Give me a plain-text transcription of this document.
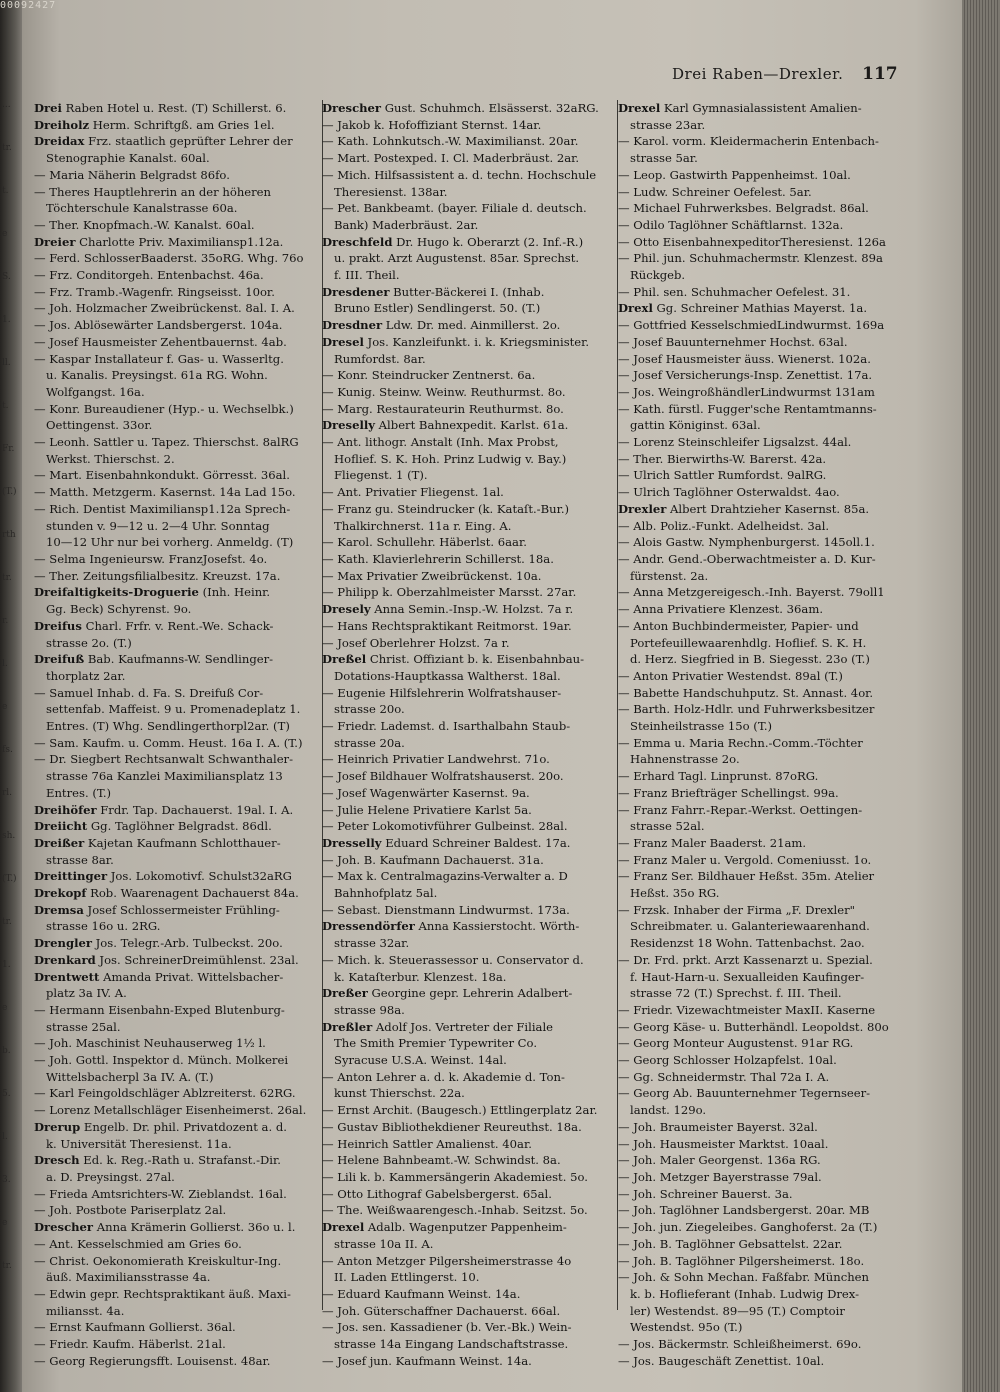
Drei Raben—Drexler. 117
Drei Raben Hotel u. Rest. (T) Schillerst. 6.
Dreiholz Herm. Schriftgß. am Gries 1el.
Dreidax Frz. staatlich geprüfter Lehrer der
Stenographie Kanalst. 60al.
— Maria Näherin Belgradst 86fo.
— Theres Hauptlehrerin an der höheren
Töchterschule Kanalstrasse 60a.
— Ther. Knopfmach.-W. Kanalst. 60al.
Dreier Charlotte Priv. Maximiliansp1.12a.
— Ferd. SchlosserBaaderst. 35oRG. Whg. 76o
— Frz. Conditorgeh. Entenbachst. 46a.
— Frz. Tramb.-Wagenfr. Ringseisst. 10or.
— Joh. Holzmacher Zweibrückenst. 8al. I. A.
— Jos. Ablösewärter Landsbergerst. 104a.
— Josef Hausmeister Zehentbauernst. 4ab.
— Kaspar Installateur f. Gas- u. Wasserltg.
u. Kanalis. Preysingst. 61a RG. Wohn.
Wolfgangst. 16a.
— Konr. Bureaudiener (Hyp.- u. Wechselbk.)
Oettingenst. 33or.
— Leonh. Sattler u. Tapez. Thierschst. 8alRG
Werkst. Thierschst. 2.
— Mart. Eisenbahnkondukt. Görresst. 36al.
— Matth. Metzgerm. Kasernst. 14a Lad 15o.
— Rich. Dentist Maximiliansp1.12a Sprech-
stunden v. 9—12 u. 2—4 Uhr. Sonntag
10—12 Uhr nur bei vorherg. Anmeldg. (T)
— Selma Ingenieursw. FranzJosefst. 4o.
— Ther. Zeitungsfilialbesitz. Kreuzst. 17a.
Dreifaltigkeits-Droguerie (Inh. Heinr.
Gg. Beck) Schyrenst. 9o.
Dreifus Charl. Frfr. v. Rent.-We. Schack-
strasse 2o. (T.)
Dreifuß Bab. Kaufmanns-W. Sendlinger-
thorplatz 2ar.
— Samuel Inhab. d. Fa. S. Dreifuß Cor-
settenfab. Maffeist. 9 u. Promenadeplatz 1.
Entres. (T) Whg. Sendlingerthorpl2ar. (T)
— Sam. Kaufm. u. Comm. Heust. 16a I. A. (T.)
— Dr. Siegbert Rechtsanwalt Schwanthaler-
strasse 76a Kanzlei Maximiliansplatz 13
Entres. (T.)
Dreihöfer Frdr. Tap. Dachauerst. 19al. I. A.
Dreiicht Gg. Taglöhner Belgradst. 86dl.
Dreißer Kajetan Kaufmann Schlotthauer-
strasse 8ar.
Dreittinger Jos. Lokomotivf. Schulst32aRG
Drekopf Rob. Waarenagent Dachauerst 84a.
Dremsa Josef Schlossermeister Frühling-
strasse 16o u. 2RG.
Drengler Jos. Telegr.-Arb. Tulbeckst. 20o.
Drenkard Jos. SchreinerDreimühlenst. 23al.
Drentwett Amanda Privat. Wittelsbacher-
platz 3a IV. A.
— Hermann Eisenbahn-Exped Blutenburg-
strasse 25al.
— Joh. Maschinist Neuhauserweg 1½ l.
— Joh. Gottl. Inspektor d. Münch. Molkerei
Wittelsbacherpl 3a IV. A. (T.)
— Karl Feingoldschläger Ablzreiterst. 62RG.
— Lorenz Metallschläger Eisenheimerst. 26al.
Drerup Engelb. Dr. phil. Privatdozent a. d.
k. Universität Theresienst. 11a.
Dresch Ed. k. Reg.-Rath u. Strafanst.-Dir.
a. D. Preysingst. 27al.
— Frieda Amtsrichters-W. Zieblandst. 16al.
— Joh. Postbote Pariserplatz 2al.
Drescher Anna Krämerin Gollierst. 36o u. l.
— Ant. Kesselschmied am Gries 6o.
— Christ. Oekonomierath Kreiskultur-Ing.
äuß. Maximiliansstrasse 4a.
— Edwin gepr. Rechtspraktikant äuß. Maxi-
miliansst. 4a.
— Ernst Kaufmann Gollierst. 36al.
— Friedr. Kaufm. Häberlst. 21al.
— Georg Regierungsfft. Louisenst. 48ar.
Drescher Gust. Schuhmch. Elsässerst. 32aRG.
— Jakob k. Hofoffiziant Sternst. 14ar.
— Kath. Lohnkutsch.-W. Maximilianst. 20ar.
— Mart. Postexped. I. Cl. Maderbräust. 2ar.
— Mich. Hilfsassistent a. d. techn. Hochschule
Theresienst. 138ar.
— Pet. Bankbeamt. (bayer. Filiale d. deutsch.
Bank) Maderbräust. 2ar.
Dreschfeld Dr. Hugo k. Oberarzt (2. Inf.-R.)
u. prakt. Arzt Augustenst. 85ar. Sprechst.
f. III. Theil.
Dresdener Butter-Bäckerei I. (Inhab.
Bruno Estler) Sendlingerst. 50. (T.)
Dresdner Ldw. Dr. med. Ainmillerst. 2o.
Dresel Jos. Kanzleifunkt. i. k. Kriegsminister.
Rumfordst. 8ar.
— Konr. Steindrucker Zentnerst. 6a.
— Kunig. Steinw. Weinw. Reuthurmst. 8o.
— Marg. Restaurateurin Reuthurmst. 8o.
Dreselly Albert Bahnexpedit. Karlst. 61a.
— Ant. lithogr. Anstalt (Inh. Max Probst,
Hoflief. S. K. Hoh. Prinz Ludwig v. Bay.)
Fliegenst. 1 (T).
— Ant. Privatier Fliegenst. 1al.
— Franz gu. Steindrucker (k. Kataſt.-Bur.)
Thalkirchnerst. 11a r. Eing. A.
— Karol. Schullehr. Häberlst. 6aar.
— Kath. Klavierlehrerin Schillerst. 18a.
— Max Privatier Zweibrückenst. 10a.
— Philipp k. Oberzahlmeister Marsst. 27ar.
Dresely Anna Semin.-Insp.-W. Holzst. 7a r.
— Hans Rechtspraktikant Reitmorst. 19ar.
— Josef Oberlehrer Holzst. 7a r.
Dreßel Christ. Offiziant b. k. Eisenbahnbau-
Dotations-Hauptkassa Waltherst. 18al.
— Eugenie Hilfslehrerin Wolfratshauser-
strasse 20o.
— Friedr. Lademst. d. Isarthalbahn Staub-
strasse 20a.
— Heinrich Privatier Landwehrst. 71o.
— Josef Bildhauer Wolfratshauserst. 20o.
— Josef Wagenwärter Kasernst. 9a.
— Julie Helene Privatiere Karlst 5a.
— Peter Lokomotivführer Gulbeinst. 28al.
Dresselly Eduard Schreiner Baldest. 17a.
— Joh. B. Kaufmann Dachauerst. 31a.
— Max k. Centralmagazins-Verwalter a. D
Bahnhofplatz 5al.
— Sebast. Dienstmann Lindwurmst. 173a.
Dressendörfer Anna Kassierstocht. Wörth-
strasse 32ar.
— Mich. k. Steuerassessor u. Conservator d.
k. Kataſterbur. Klenzest. 18a.
Dreßer Georgine gepr. Lehrerin Adalbert-
strasse 98a.
Dreßler Adolf Jos. Vertreter der Filiale
The Smith Premier Typewriter Co.
Syracuse U.S.A. Weinst. 14al.
— Anton Lehrer a. d. k. Akademie d. Ton-
kunst Thierschst. 22a.
— Ernst Archit. (Baugesch.) Ettlingerplatz 2ar.
— Gustav Bibliothekdiener Reureuthst. 18a.
— Heinrich Sattler Amalienst. 40ar.
— Helene Bahnbeamt.-W. Schwindst. 8a.
— Lili k. b. Kammersängerin Akademiest. 5o.
— Otto Lithograf Gabelsbergerst. 65al.
— The. Weißwaarengesch.-Inhab. Seitzst. 5o.
Drexel Adalb. Wagenputzer Pappenheim-
strasse 10a II. A.
— Anton Metzger Pilgersheimerstrasse 4o
II. Laden Ettlingerst. 10.
— Eduard Kaufmann Weinst. 14a.
— Joh. Güterschaffner Dachauerst. 66al.
— Jos. sen. Kassadiener (b. Ver.-Bk.) Wein-
strasse 14a Eingang Landschaftstrasse.
— Josef jun. Kaufmann Weinst. 14a.
Drexel Karl Gymnasialassistent Amalien-
strasse 23ar.
— Karol. vorm. Kleidermacherin Entenbach-
strasse 5ar.
— Leop. Gastwirth Pappenheimst. 10al.
— Ludw. Schreiner Oefelest. 5ar.
— Michael Fuhrwerksbes. Belgradst. 86al.
— Odilo Taglöhner Schäftlarnst. 132a.
— Otto EisenbahnexpeditorTheresienst. 126a
— Phil. jun. Schuhmachermstr. Klenzest. 89a
Rückgeb.
— Phil. sen. Schuhmacher Oefelest. 31.
Drexl Gg. Schreiner Mathias Mayerst. 1a.
— Gottfried KesselschmiedLindwurmst. 169a
— Josef Bauunternehmer Hochst. 63al.
— Josef Hausmeister äuss. Wienerst. 102a.
— Josef Versicherungs-Insp. Zenettist. 17a.
— Jos. WeingroßhändlerLindwurmst 131am
— Kath. fürstl. Fugger'sche Rentamtmanns-
gattin Königinst. 63al.
— Lorenz Steinschleifer Ligsalzst. 44al.
— Ther. Bierwirths-W. Barerst. 42a.
— Ulrich Sattler Rumfordst. 9alRG.
— Ulrich Taglöhner Osterwaldst. 4ao.
Drexler Albert Drahtzieher Kasernst. 85a.
— Alb. Poliz.-Funkt. Adelheidst. 3al.
— Alois Gastw. Nymphenburgerst. 145oll.1.
— Andr. Gend.-Oberwachtmeister a. D. Kur-
fürstenst. 2a.
— Anna Metzgereigesch.-Inh. Bayerst. 79oll1
— Anna Privatiere Klenzest. 36am.
— Anton Buchbindermeister, Papier- und
Portefeuillewaarenhdlg. Hoflief. S. K. H.
d. Herz. Siegfried in B. Siegesst. 23o (T.)
— Anton Privatier Westendst. 89al (T.)
— Babette Handschuhputz. St. Annast. 4or.
— Barth. Holz-Hdlr. und Fuhrwerksbesitzer
Steinheilstrasse 15o (T.)
— Emma u. Maria Rechn.-Comm.-Töchter
Hahnenstrasse 2o.
— Erhard Tagl. Linprunst. 87oRG.
— Franz Briefträger Schellingst. 99a.
— Franz Fahrr.-Repar.-Werkst. Oettingen-
strasse 52al.
— Franz Maler Baaderst. 21am.
— Franz Maler u. Vergold. Comeniusst. 1o.
— Franz Ser. Bildhauer Heßst. 35m. Atelier
Heßst. 35o RG.
— Frzsk. Inhaber der Firma „F. Drexler"
Schreibmater. u. Galanteriewaarenhand.
Residenzst 18 Wohn. Tattenbachst. 2ao.
— Dr. Frd. prkt. Arzt Kassenarzt u. Spezial.
f. Haut-Harn-u. Sexualleiden Kaufinger-
strasse 72 (T.) Sprechst. f. III. Theil.
— Friedr. Vizewachtmeister MaxII. Kaserne
— Georg Käse- u. Butterhändl. Leopoldst. 80o
— Georg Monteur Augustenst. 91ar RG.
— Georg Schlosser Holzapfelst. 10al.
— Gg. Schneidermstr. Thal 72a I. A.
— Georg Ab. Bauunternehmer Tegernseer-
landst. 129o.
— Joh. Braumeister Bayerst. 32al.
— Joh. Hausmeister Marktst. 10aal.
— Joh. Maler Georgenst. 136a RG.
— Joh. Metzger Bayerstrasse 79al.
— Joh. Schreiner Bauerst. 3a.
— Joh. Taglöhner Landsbergerst. 20ar. MB
— Joh. jun. Ziegeleibes. Ganghoferst. 2a (T.)
— Joh. B. Taglöhner Gebsattelst. 22ar.
— Joh. B. Taglöhner Pilgersheimerst. 18o.
— Joh. & Sohn Mechan. Faßfabr. München
k. b. Hoflieferant (Inhab. Ludwig Drex-
ler) Westendst. 89—95 (T.) Comptoir
Westendst. 95o (T.)
— Jos. Bäckermstr. Schleißheimerst. 69o.
— Jos. Baugeschäft Zenettist. 10al.
00092427
...
tr.
t.
e
S.
1.
ll.
t.
Fr.
(T.)
rth
tr.
r.
l.
e
fs.
rl.
sh.
(T.)
tr.
1.
e
b.
5.
l.
3.
e
tr.
